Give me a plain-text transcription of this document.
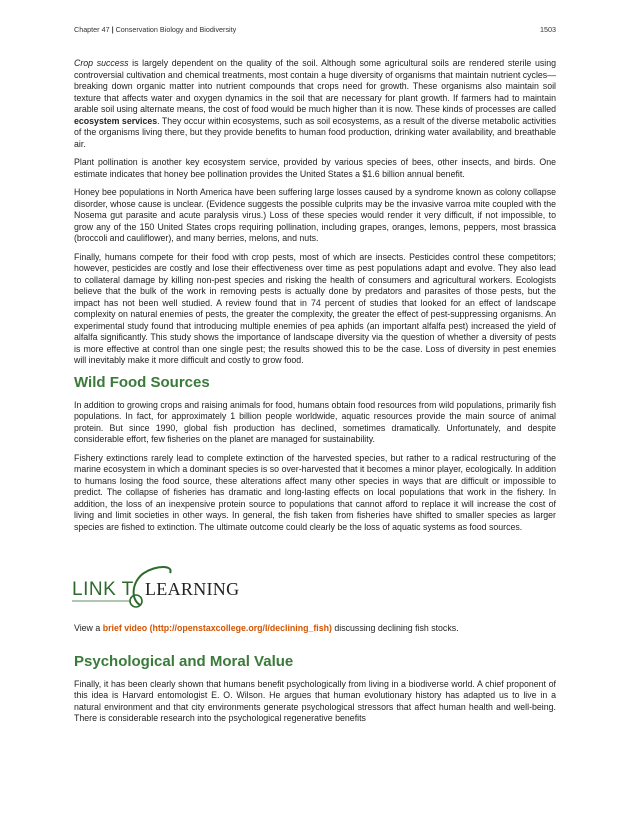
Chapter 47 | Conservation Biology and Biodiversity	1503

Crop success is largely dependent on the quality of the soil. Although some agricultural soils are rendered sterile using controversial cultivation and chemical treatments, most contain a huge diversity of organisms that maintain nutrient cycles—breaking down organic matter into nutrient compounds that crops need for growth. These organisms also maintain soil texture that affects water and oxygen dynamics in the soil that are necessary for plant growth. If farmers had to maintain arable soil using alternate means, the cost of food would be much higher than it is now. These kinds of processes are called ecosystem services. They occur within ecosystems, such as soil ecosystems, as a result of the diverse metabolic activities of the organisms living there, but they provide benefits to human food production, drinking water availability, and breathable air.

Plant pollination is another key ecosystem service, provided by various species of bees, other insects, and birds. One estimate indicates that honey bee pollination provides the United States a $1.6 billion annual benefit.

Honey bee populations in North America have been suffering large losses caused by a syndrome known as colony collapse disorder, whose cause is unclear. (Evidence suggests the possible culprits may be the invasive varroa mite coupled with the Nosema gut parasite and acute paralysis virus.) Loss of these species would render it very difficult, if not impossible, to grow any of the 150 United States crops requiring pollination, including grapes, oranges, lemons, peppers, most brassica (broccoli and cauliflower), and many berries, melons, and nuts.

Finally, humans compete for their food with crop pests, most of which are insects. Pesticides control these competitors; however, pesticides are costly and lose their effectiveness over time as pest populations adapt and evolve. They also lead to collateral damage by killing non-pest species and risking the health of consumers and agricultural workers. Ecologists believe that the bulk of the work in removing pests is actually done by predators and parasites of those pests, but the impact has not been well studied. A review found that in 74 percent of studies that looked for an effect of landscape complexity on natural enemies of pests, the greater the complexity, the greater the effect of pest-suppressing organisms. An experimental study found that introducing multiple enemies of pea aphids (an important alfalfa pest) increased the yield of alfalfa significantly. This study shows the importance of landscape diversity via the question of whether a diversity of pests is more effective at control than one single pest; the results showed this to be the case. Loss of diversity in pest enemies will inevitably make it more difficult and costly to grow food.

Wild Food Sources

In addition to growing crops and raising animals for food, humans obtain food resources from wild populations, primarily fish populations. In fact, for approximately 1 billion people worldwide, aquatic resources provide the main source of animal protein. But since 1990, global fish production has declined, sometimes dramatically. Unfortunately, and despite considerable effort, few fisheries on the planet are managed for sustainability.

Fishery extinctions rarely lead to complete extinction of the harvested species, but rather to a radical restructuring of the marine ecosystem in which a dominant species is so over-harvested that it becomes a minor player, ecologically. In addition to humans losing the food source, these alterations affect many other species in ways that are difficult or impossible to predict. The collapse of fisheries has dramatic and long-lasting effects on local populations that work in the fishery. In addition, the loss of an inexpensive protein source to populations that cannot afford to replace it will increase the cost of living and limit societies in other ways. In general, the fish taken from fisheries have shifted to smaller species as larger species are fished to extinction. The ultimate outcome could clearly be the loss of aquatic systems as food sources.

LINK T LEARNING

View a brief video (http://openstaxcollege.org/l/declining_fish) discussing declining fish stocks.

Psychological and Moral Value

Finally, it has been clearly shown that humans benefit psychologically from living in a biodiverse world. A chief proponent of this idea is Harvard entomologist E. O. Wilson. He argues that human evolutionary history has adapted us to live in a natural environment and that city environments generate psychological stressors that affect human health and well-being. There is considerable research into the psychological regenerative benefits
